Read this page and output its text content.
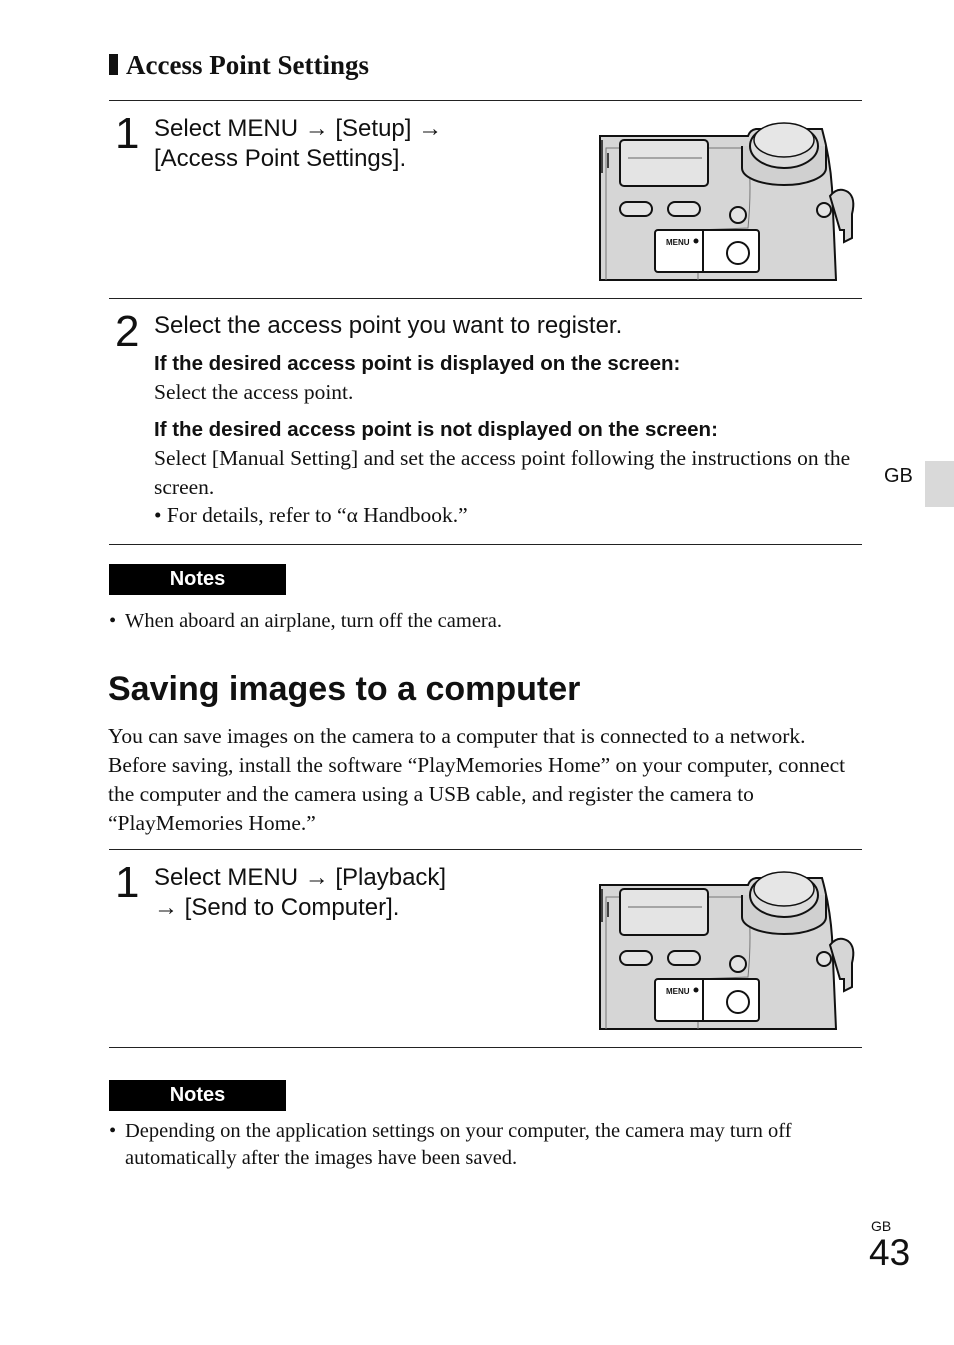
Access Point Settings
1 Select MENU → [Setup] →
[Access Point Settings].
MENU
2 Select the access point you want to register.
If the desired access point is displayed on the screen:
Select the access point.
If the desired access point is not displayed on the screen:
Select [Manual Setting] and set the access point following the instructions on the screen.
• For details, refer to “α Handbook.”
Notes
• When aboard an airplane, turn off the camera.
Saving images to a computer
You can save images on the camera to a computer that is connected to a network. Before saving, install the software “PlayMemories Home” on your computer, connect the computer and the camera using a USB cable, and register the camera to “PlayMemories Home.”
1 Select MENU → [Playback]
→ [Send to Computer].
MENU
Notes
• Depending on the application settings on your computer, the camera may turn off automatically after the images have been saved.
GB
GB
43
